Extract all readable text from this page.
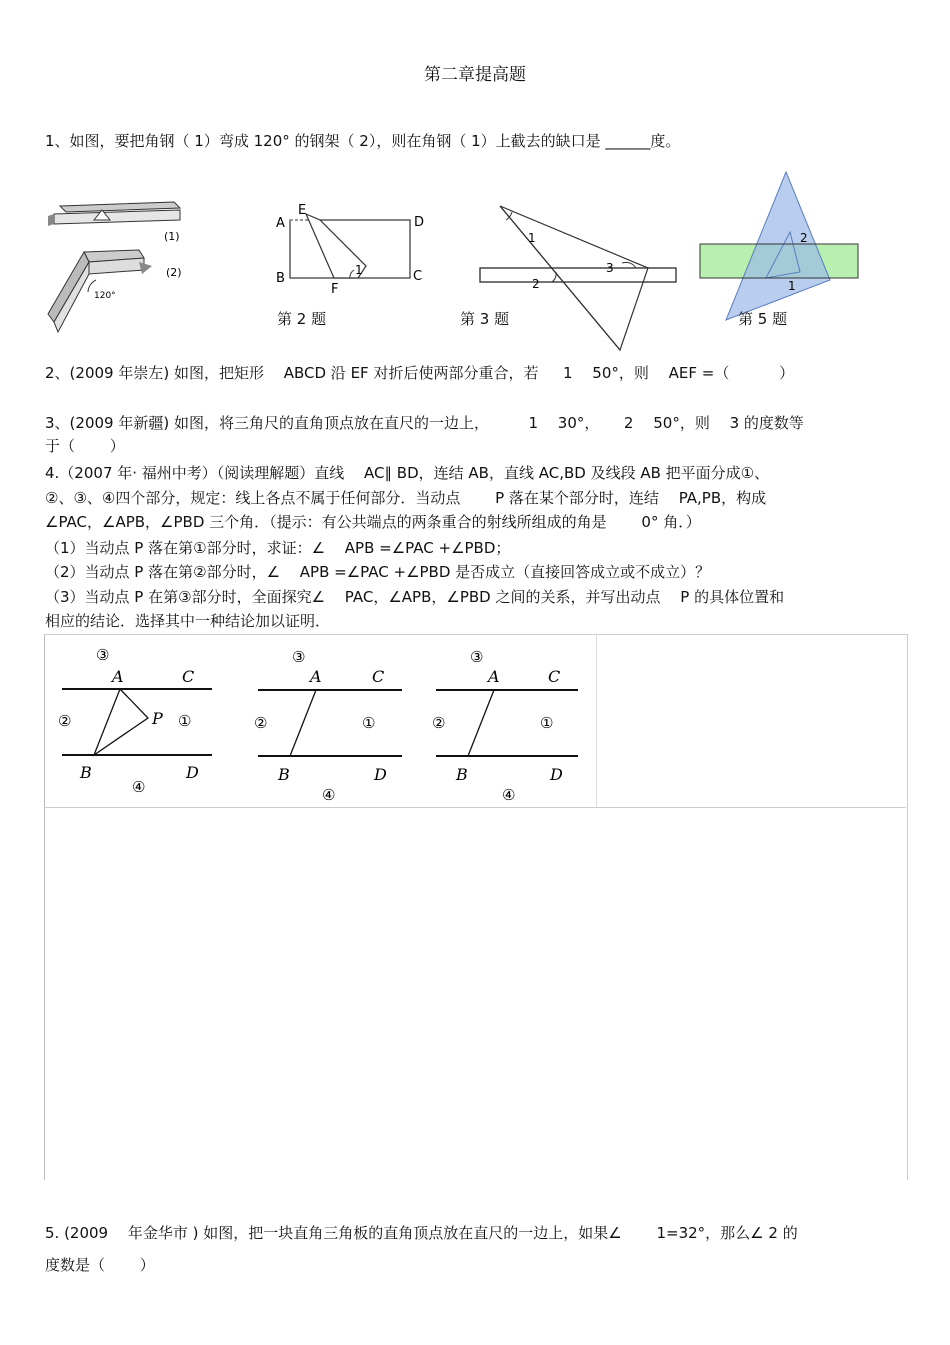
第二章提高题
1、如图，要把角钢（ 1）弯成 120° 的钢架（ 2），则在角钢（ 1）上截去的缺口是 ______度。
(1)
(2)
120°
A
E
D
B
F
C
1
第 2 题
1
2
3
第 3 题
2
1
第 5 题
2、(2009 年崇左) 如图，把矩形 　ABCD 沿 EF 对折后使两部分重合，若 　 1 　50°，则 　AEF =（ 　　　）
3、(2009 年新疆) 如图，将三角尺的直角顶点放在直尺的一边上， 　　 1 　30°， 　 2 　50°，则 　3 的度数等
于（ 　　）
4.（2007 年· 福州中考）（阅读理解题）直线 　AC∥ BD，连结 AB，直线 AC,BD 及线段 AB 把平面分成①、
②、③、④四个部分，规定：线上各点不属于任何部分．当动点 　　P 落在某个部分时，连结 　PA,PB，构成
∠PAC，∠APB，∠PBD 三个角．（提示：有公共端点的两条重合的射线所组成的角是 　　0° 角．）
（1）当动点 P 落在第①部分时，求证：∠ 　APB =∠PAC +∠PBD；
（2）当动点 P 落在第②部分时，∠ 　APB =∠PAC +∠PBD 是否成立（直接回答成立或不成立）？
（3）当动点 P 在第③部分时，全面探究∠ 　PAC，∠APB，∠PBD 之间的关系，并写出动点 　P 的具体位置和
相应的结论．选择其中一种结论加以证明．
③
A	C
②	P ①
B	D
④
③
A	C
②	①
B	D
④
③
A	C
②	①
B	D
④
5. (2009 　年金华市 ) 如图，把一块直角三角板的直角顶点放在直尺的一边上，如果∠ 　　1=32°，那么∠ 2 的
度数是（ 　　）
